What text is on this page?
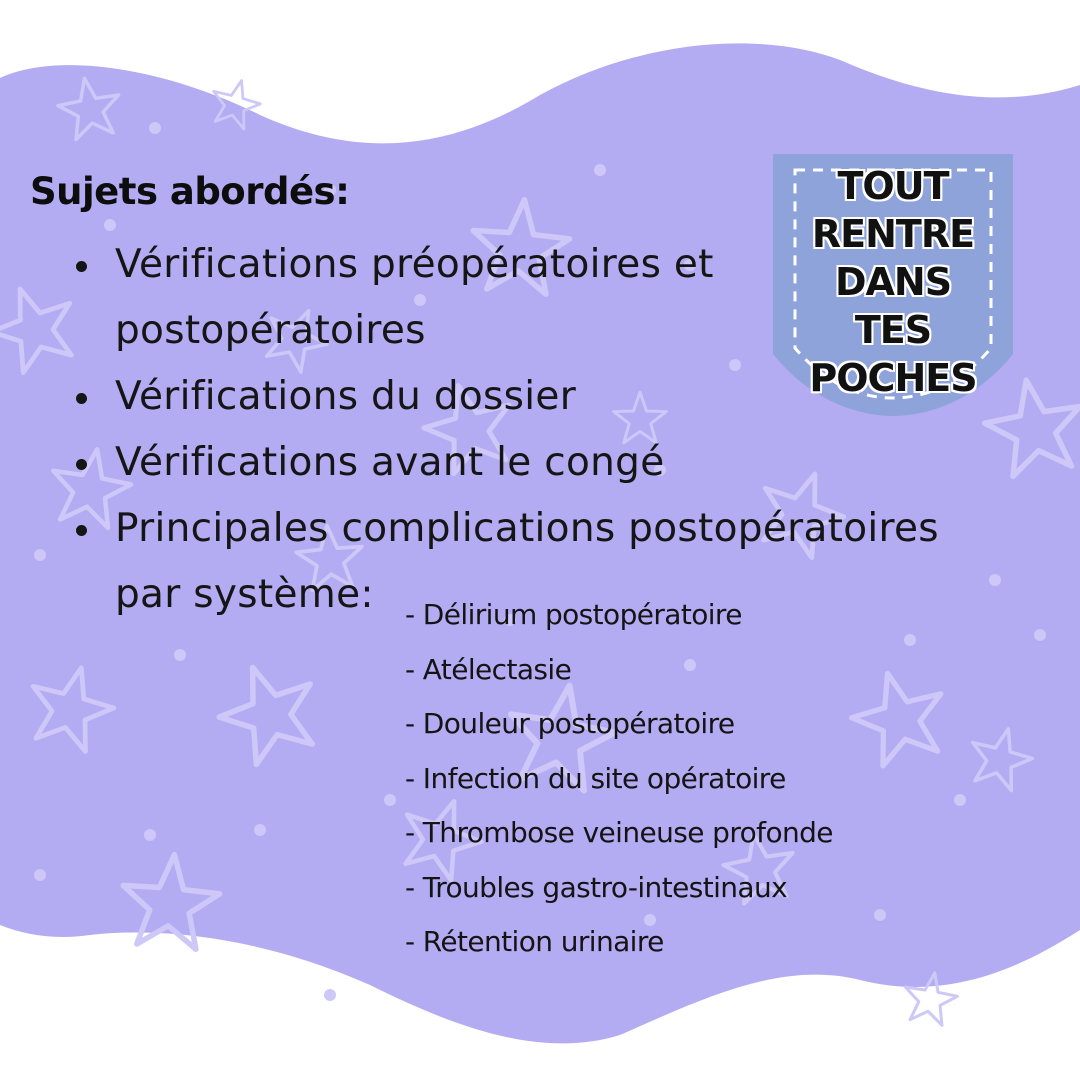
TOUT
RENTRE
DANS
TES
POCHES
Sujets abordés:
Vérifications préopératoires et postopératoires
Vérifications du dossier
Vérifications avant le congé
Principales complications postopératoires par système:	- Délirium postopératoire
- Atélectasie
- Douleur postopératoire
- Infection du site opératoire
- Thrombose veineuse profonde
- Troubles gastro-intestinaux
- Rétention urinaire
